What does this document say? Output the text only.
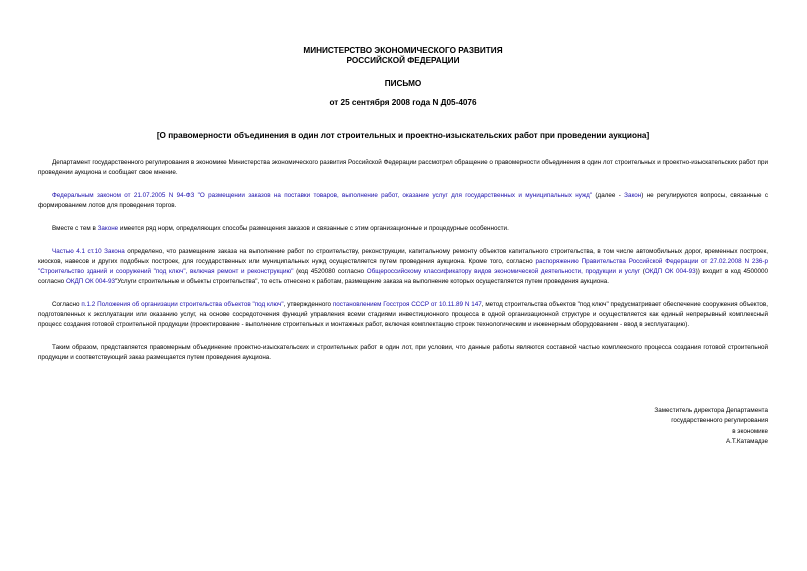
МИНИСТЕРСТВО ЭКОНОМИЧЕСКОГО РАЗВИТИЯ
РОССИЙСКОЙ ФЕДЕРАЦИИ
ПИСЬМО
от 25 сентября 2008 года N Д05-4076
[О правомерности объединения в один лот строительных и проектно-изыскательских работ при проведении аукциона]

Департамент государственного регулирования в экономике Министерства экономического развития Российской Федерации рассмотрел обращение о правомерности объединения в один лот строительных и проектно-изыскательских работ при проведении аукциона и сообщает свое мнение.

Федеральным законом от 21.07.2005 N 94-ФЗ "О размещении заказов на поставки товаров, выполнение работ, оказание услуг для государственных и муниципальных нужд" (далее - Закон) не регулируются вопросы, связанные с формированием лотов для проведения торгов.

Вместе с тем в Законе имеется ряд норм, определяющих способы размещения заказов и связанные с этим организационные и процедурные особенности.

Частью 4.1 ст.10 Закона определено, что размещение заказа на выполнение работ по строительству, реконструкции, капитальному ремонту объектов капитального строительства, в том числе автомобильных дорог, временных построек, киосков, навесов и других подобных построек, для государственных или муниципальных нужд осуществляется путем проведения аукциона. Кроме того, согласно распоряжению Правительства Российской Федерации от 27.02.2008 N 236-р "Строительство зданий и сооружений "под ключ", включая ремонт и реконструкцию" (код 4520080 согласно Общероссийскому классификатору видов экономической деятельности, продукции и услуг (ОКДП ОК 004-93)) входит в код 4500000 согласно ОКДП ОК 004-93"Услуги строительные и объекты строительства", то есть отнесено к работам, размещение заказа на выполнение которых осуществляется путем проведения аукциона.

Согласно п.1.2 Положения об организации строительства объектов "под ключ", утвержденного постановлением Госстроя СССР от 10.11.89 N 147, метод строительства объектов "под ключ" предусматривает обеспечение сооружения объектов, подготовленных к эксплуатации или оказанию услуг, на основе сосредоточения функций управления всеми стадиями инвестиционного процесса в одной организационной структуре и осуществляется как единый непрерывный комплексный процесс создания готовой строительной продукции (проектирование - выполнение строительных и монтажных работ, включая комплектацию строек технологическим и инженерным оборудованием - ввод в эксплуатацию).

Таким образом, представляется правомерным объединение проектно-изыскательских и строительных работ в один лот, при условии, что данные работы являются составной частью комплексного процесса создания готовой строительной продукции и соответствующий заказ размещается путем проведения аукциона.

Заместитель директора Департамента
государственного регулирования
в экономике
А.Т.Катамадзе
